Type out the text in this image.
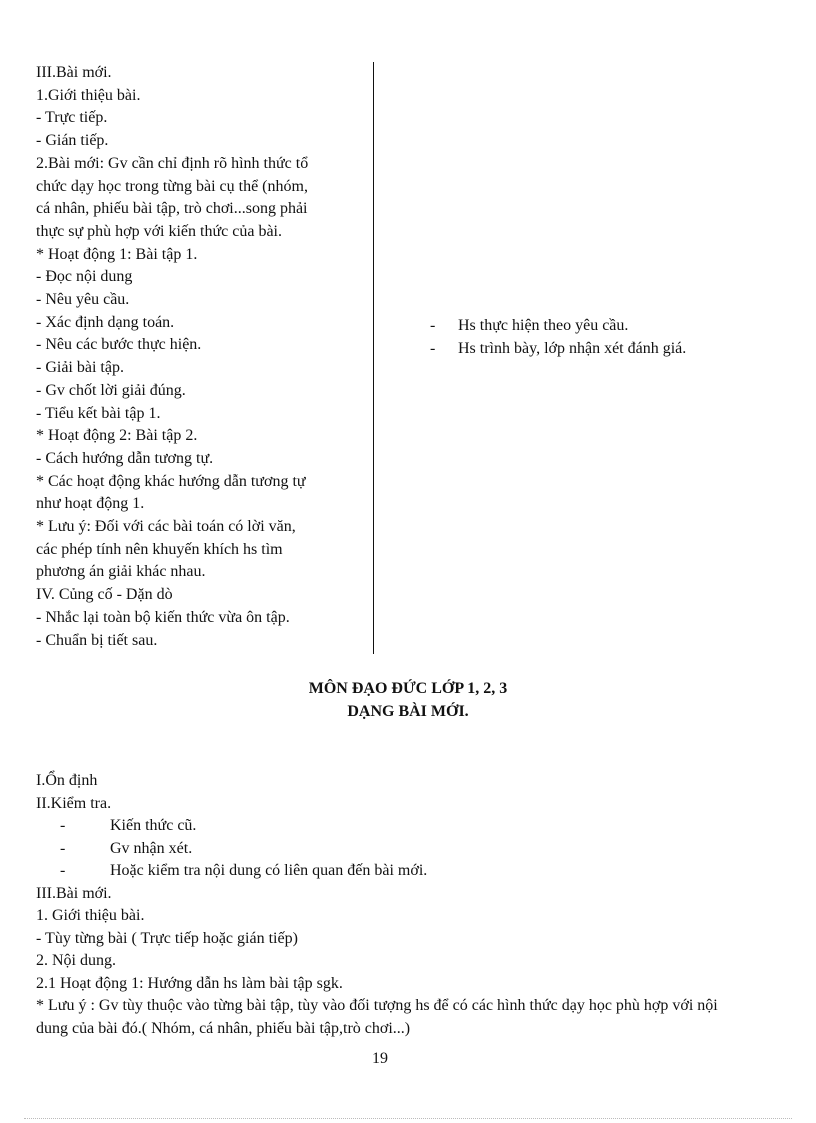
III.Bài mới.
1.Giới thiệu bài.
- Trực tiếp.
- Gián tiếp.
2.Bài mới: Gv cần chỉ định rõ hình thức tổ
chức dạy học trong từng bài cụ thể (nhóm,
cá nhân, phiếu bài tập, trò chơi...song phải
thực sự phù hợp với kiến thức của bài.
* Hoạt động 1: Bài tập 1.
- Đọc nội dung
- Nêu yêu cầu.
- Xác định dạng toán.
- Nêu các bước thực hiện.
- Giải bài tập.
- Gv chốt lời giải đúng.
- Tiểu kết bài tập 1.
* Hoạt động 2: Bài tập 2.
- Cách hướng dẫn tương tự.
* Các hoạt động khác hướng dẫn tương tự
như hoạt động 1.
* Lưu ý: Đối với các bài toán có lời văn,
các phép tính nên khuyến khích hs tìm
phương án giải khác nhau.
IV. Củng cố - Dặn dò
- Nhắc lại toàn bộ kiến thức vừa ôn tập.
- Chuẩn bị tiết sau.
-	Hs thực hiện theo yêu cầu.
-	Hs trình bày, lớp nhận xét đánh giá.
MÔN ĐẠO ĐỨC LỚP 1, 2, 3
DẠNG BÀI MỚI.
I.Ổn định
II.Kiểm tra.
-	Kiến thức cũ.
-	Gv nhận xét.
-	Hoặc kiểm tra nội dung có liên quan đến bài mới.
III.Bài mới.
1. Giới thiệu bài.
- Tùy từng bài ( Trực tiếp hoặc gián tiếp)
2. Nội dung.
2.1 Hoạt động 1: Hướng dẫn hs làm bài tập sgk.
* Lưu ý : Gv tùy thuộc vào từng bài tập, tùy vào đối tượng hs để có các hình thức dạy học phù hợp với nội dung của bài đó.( Nhóm, cá nhân, phiếu bài tập,trò chơi...)
19
